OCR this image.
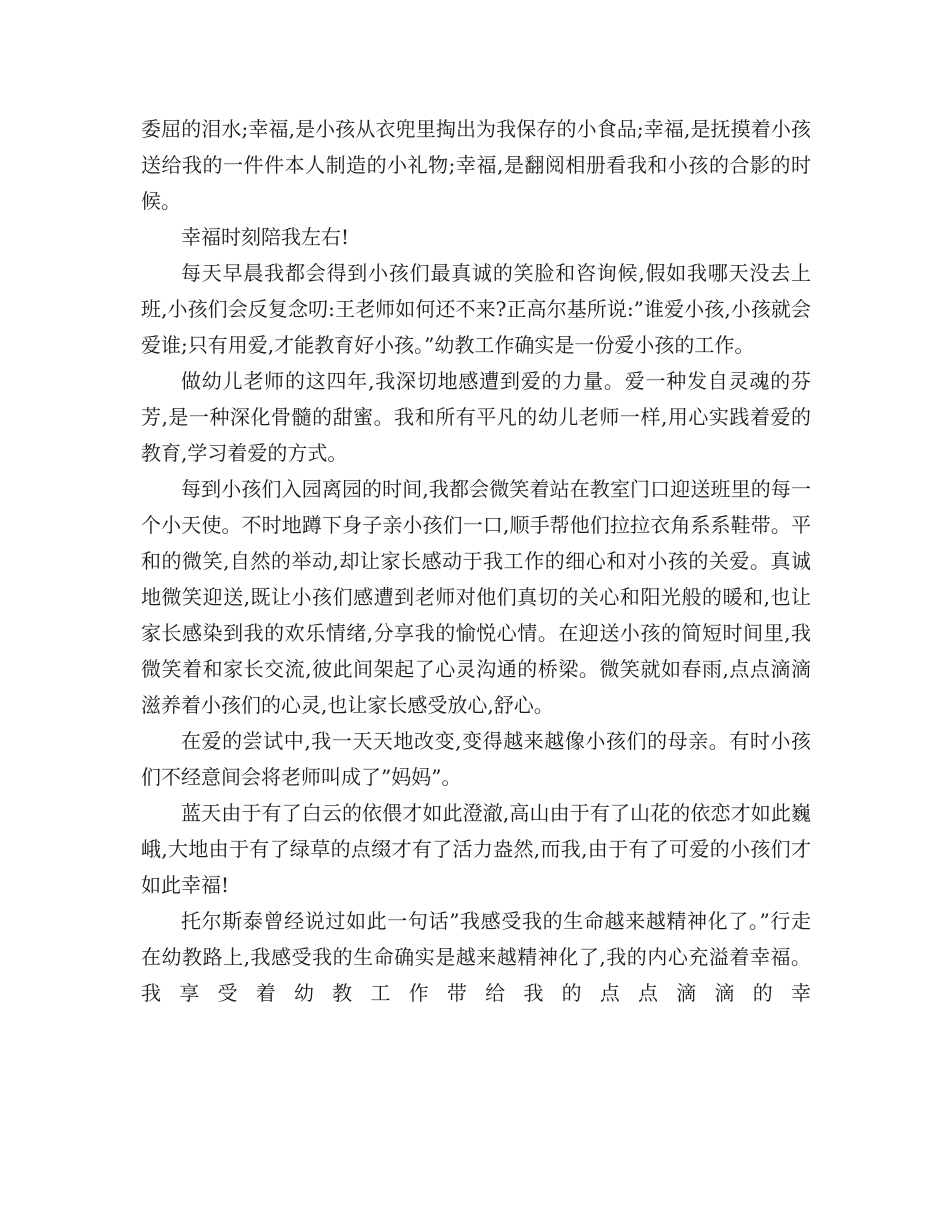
委屈的泪水;幸福,是小孩从衣兜里掏出为我保存的小食品;幸福,是抚摸着小孩送给我的一件件本人制造的小礼物;幸福,是翻阅相册看我和小孩的合影的时候。

幸福时刻陪我左右!

每天早晨我都会得到小孩们最真诚的笑脸和咨询候,假如我哪天没去上班,小孩们会反复念叨:王老师如何还不来?正高尔基所说:”谁爱小孩,小孩就会爱谁;只有用爱,才能教育好小孩。”幼教工作确实是一份爱小孩的工作。

做幼儿老师的这四年,我深切地感遭到爱的力量。爱一种发自灵魂的芬芳,是一种深化骨髓的甜蜜。我和所有平凡的幼儿老师一样,用心实践着爱的教育,学习着爱的方式。

每到小孩们入园离园的时间,我都会微笑着站在教室门口迎送班里的每一个小天使。不时地蹲下身子亲小孩们一口,顺手帮他们拉拉衣角系系鞋带。平和的微笑,自然的举动,却让家长感动于我工作的细心和对小孩的关爱。真诚地微笑迎送,既让小孩们感遭到老师对他们真切的关心和阳光般的暖和,也让家长感染到我的欢乐情绪,分享我的愉悦心情。在迎送小孩的简短时间里,我微笑着和家长交流,彼此间架起了心灵沟通的桥梁。微笑就如春雨,点点滴滴滋养着小孩们的心灵,也让家长感受放心,舒心。

在爱的尝试中,我一天天地改变,变得越来越像小孩们的母亲。有时小孩们不经意间会将老师叫成了”妈妈”。

蓝天由于有了白云的依偎才如此澄澈,高山由于有了山花的依恋才如此巍峨,大地由于有了绿草的点缀才有了活力盎然,而我,由于有了可爱的小孩们才如此幸福!

托尔斯泰曾经说过如此一句话”我感受我的生命越来越精神化了。”行走在幼教路上,我感受我的生命确实是越来越精神化了,我的内心充溢着幸福。我享受着幼教工作带给我的点点滴滴的幸
